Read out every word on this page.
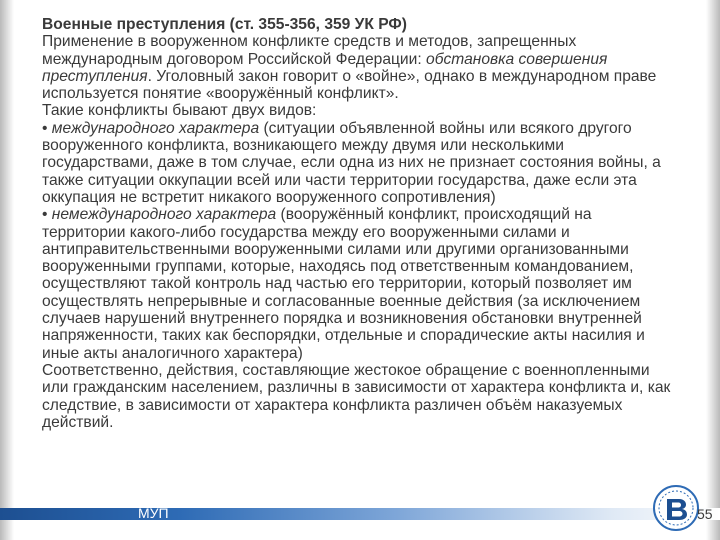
Военные преступления (ст. 355-356, 359 УК РФ)

Применение в вооруженном конфликте средств и методов, запрещенных международным договором Российской Федерации: обстановка совершения преступления. Уголовный закон говорит о «войне», однако в международном праве используется понятие «вооружённый конфликт».

Такие конфликты бывают двух видов:

• международного характера (ситуации объявленной войны или всякого другого вооруженного конфликта, возникающего между двумя или несколькими государствами, даже в том случае, если одна из них не признает состояния войны, а также ситуации оккупации всей или части территории государства, даже если эта оккупация не встретит никакого вооруженного сопротивления)

• немеждународного характера (вооружённый конфликт, происходящий на территории какого-либо государства между его вооруженными силами и антиправительственными вооруженными силами или другими организованными вооруженными группами, которые, находясь под ответственным командованием, осуществляют такой контроль над частью его территории, который позволяет им осуществлять непрерывные и согласованные военные действия (за исключением случаев нарушений внутреннего порядка и возникновения обстановки внутренней напряженности, таких как беспорядки, отдельные и спорадические акты насилия и иные акты аналогичного характера)

Соответственно, действия, составляющие жестокое обращение с военнопленными или гражданским населением, различны в зависимости от характера конфликта и, как следствие, в зависимости от характера конфликта различен объём наказуемых действий.

МУП	55
